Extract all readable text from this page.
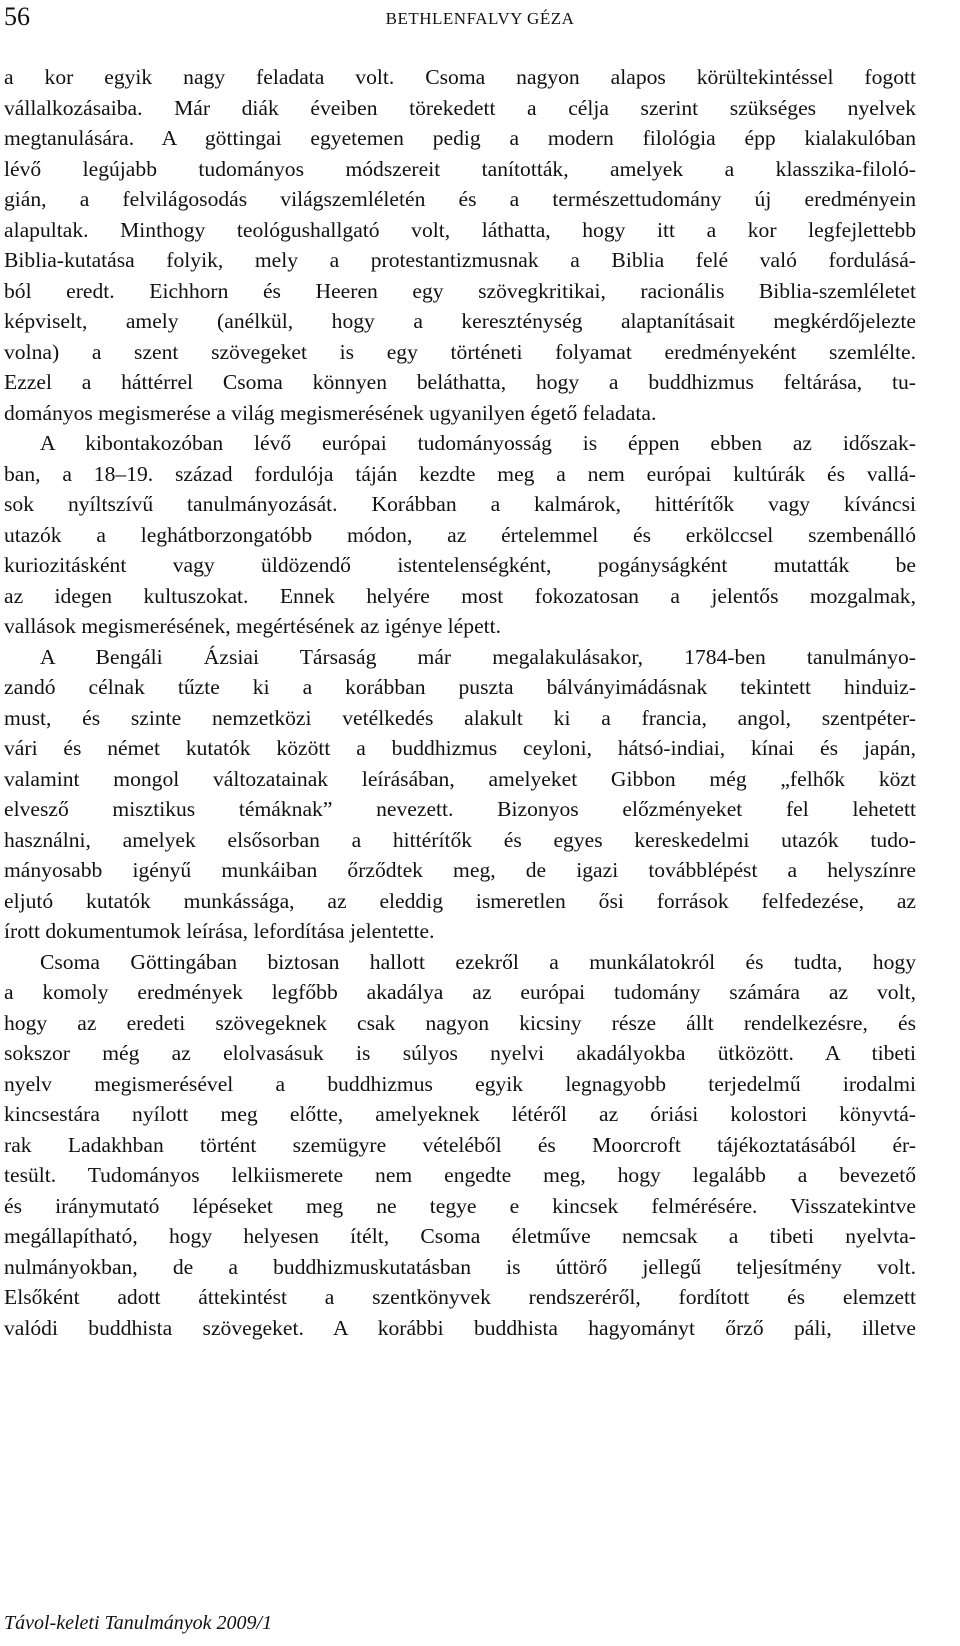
56	BETHLENFALVY GÉZA
a kor egyik nagy feladata volt. Csoma nagyon alapos körültekintéssel fogott
vállalkozásaiba. Már diák éveiben törekedett a célja szerint szükséges nyelvek
megtanulására. A göttingai egyetemen pedig a modern filológia épp kialakulóban
lévő legújabb tudományos módszereit tanították, amelyek a klasszika-filoló-
gián, a felvilágosodás világszemléletén és a természettudomány új eredményein
alapultak. Minthogy teológushallgató volt, láthatta, hogy itt a kor legfejlettebb
Biblia-kutatása folyik, mely a protestantizmusnak a Biblia felé való fordulásá-
ból eredt. Eichhorn és Heeren egy szövegkritikai, racionális Biblia-szemléletet
képviselt, amely (anélkül, hogy a kereszténység alaptanításait megkérdőjelezte
volna) a szent szövegeket is egy történeti folyamat eredményeként szemlélte.
Ezzel a háttérrel Csoma könnyen beláthatta, hogy a buddhizmus feltárása, tu-
dományos megismerése a világ megismerésének ugyanilyen égető feladata.
A kibontakozóban lévő európai tudományosság is éppen ebben az időszak-
ban, a 18–19. század fordulója táján kezdte meg a nem európai kultúrák és vallá-
sok nyíltszívű tanulmányozását. Korábban a kalmárok, hittérítők vagy kíváncsi
utazók a leghátborzongatóbb módon, az értelemmel és erkölccsel szembenálló
kuriozitásként vagy üldözendő istentelenségként, pogányságként mutatták be
az idegen kultuszokat. Ennek helyére most fokozatosan a jelentős mozgalmak,
vallások megismerésének, megértésének az igénye lépett.
A Bengáli Ázsiai Társaság már megalakulásakor, 1784-ben tanulmányo-
zandó célnak tűzte ki a korábban puszta bálványimádásnak tekintett hinduiz-
must, és szinte nemzetközi vetélkedés alakult ki a francia, angol, szentpéter-
vári és német kutatók között a buddhizmus ceyloni, hátsó-indiai, kínai és japán,
valamint mongol változatainak leírásában, amelyeket Gibbon még „felhők közt
elvesző misztikus témáknak” nevezett. Bizonyos előzményeket fel lehetett
használni, amelyek elsősorban a hittérítők és egyes kereskedelmi utazók tudo-
mányosabb igényű munkáiban őrződtek meg, de igazi továbblépést a helyszínre
eljutó kutatók munkássága, az eleddig ismeretlen ősi források felfedezése, az
írott dokumentumok leírása, lefordítása jelentette.
Csoma Göttingában biztosan hallott ezekről a munkálatokról és tudta, hogy
a komoly eredmények legfőbb akadálya az európai tudomány számára az volt,
hogy az eredeti szövegeknek csak nagyon kicsiny része állt rendelkezésre, és
sokszor még az elolvasásuk is súlyos nyelvi akadályokba ütközött. A tibeti
nyelv megismerésével a buddhizmus egyik legnagyobb terjedelmű irodalmi
kincsestára nyílott meg előtte, amelyeknek létéről az óriási kolostori könyvtá-
rak Ladakhban történt szemügyre vételéből és Moorcroft tájékoztatásából ér-
tesült. Tudományos lelkiismerete nem engedte meg, hogy legalább a bevezető
és iránymutató lépéseket meg ne tegye e kincsek felmérésére. Visszatekintve
megállapítható, hogy helyesen ítélt, Csoma életműve nemcsak a tibeti nyelvta-
nulmányokban, de a buddhizmuskutatásban is úttörő jellegű teljesítmény volt.
Elsőként adott áttekintést a szentkönyvek rendszeréről, fordított és elemzett
valódi buddhista szövegeket. A korábbi buddhista hagyományt őrző páli, illetve
Távol-keleti Tanulmányok 2009/1
